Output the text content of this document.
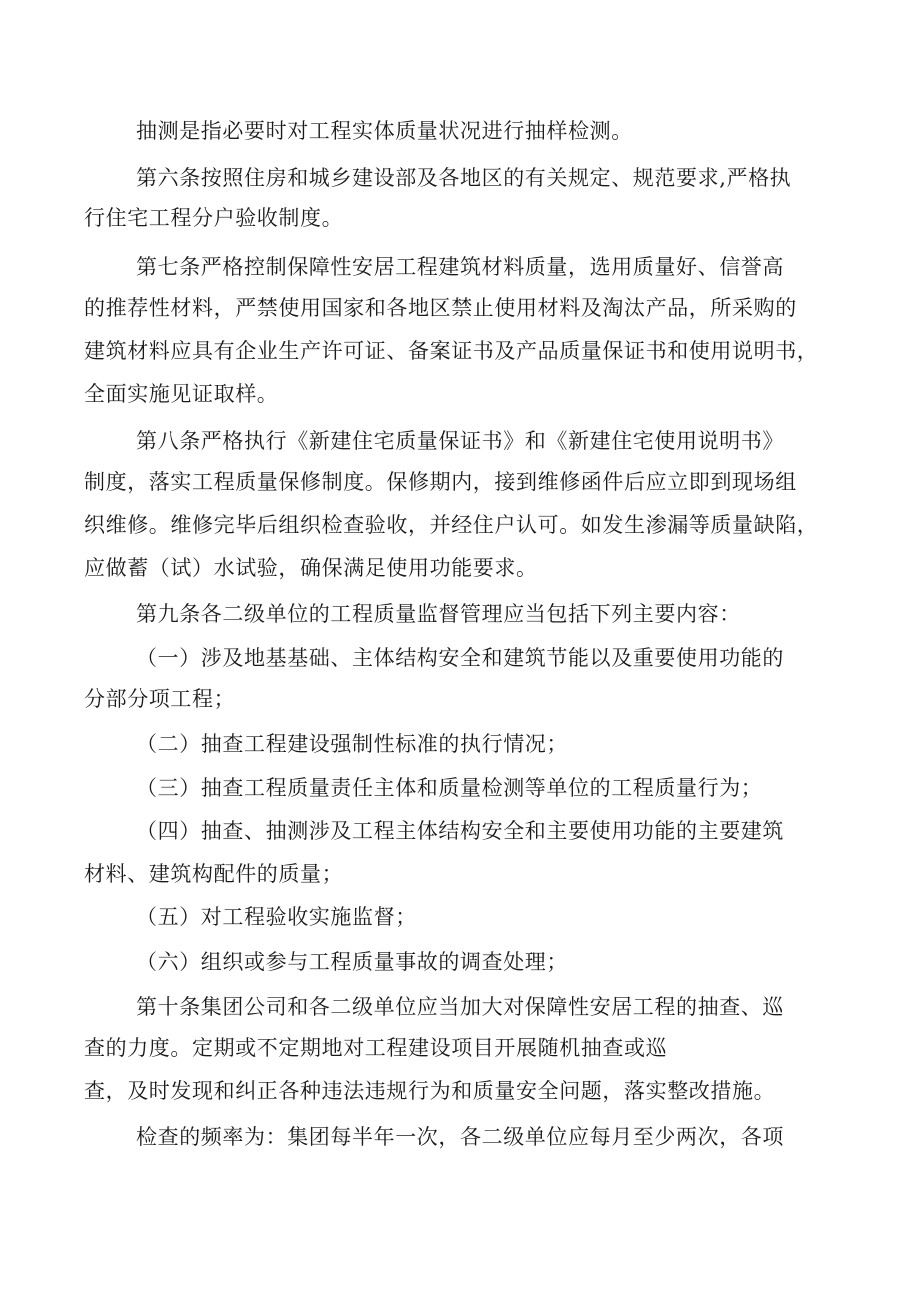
抽测是指必要时对工程实体质量状况进行抽样检测。
第六条按照住房和城乡建设部及各地区的有关规定、规范要求,严格执
行住宅工程分户验收制度。
第七条严格控制保障性安居工程建筑材料质量，选用质量好、信誉高
的推荐性材料，严禁使用国家和各地区禁止使用材料及淘汰产品，所采购的
建筑材料应具有企业生产许可证、备案证书及产品质量保证书和使用说明书，
全面实施见证取样。
第八条严格执行《新建住宅质量保证书》和《新建住宅使用说明书》
制度，落实工程质量保修制度。保修期内，接到维修函件后应立即到现场组
织维修。维修完毕后组织检查验收，并经住户认可。如发生渗漏等质量缺陷，
应做蓄（试）水试验，确保满足使用功能要求。
第九条各二级单位的工程质量监督管理应当包括下列主要内容：
（一）涉及地基基础、主体结构安全和建筑节能以及重要使用功能的
分部分项工程；
（二）抽查工程建设强制性标准的执行情况；
（三）抽查工程质量责任主体和质量检测等单位的工程质量行为；
（四）抽查、抽测涉及工程主体结构安全和主要使用功能的主要建筑
材料、建筑构配件的质量；
（五）对工程验收实施监督；
（六）组织或参与工程质量事故的调查处理；
第十条集团公司和各二级单位应当加大对保障性安居工程的抽查、巡
查的力度。定期或不定期地对工程建设项目开展随机抽查或巡
查，及时发现和纠正各种违法违规行为和质量安全问题，落实整改措施。
检查的频率为：集团每半年一次，各二级单位应每月至少两次，各项
